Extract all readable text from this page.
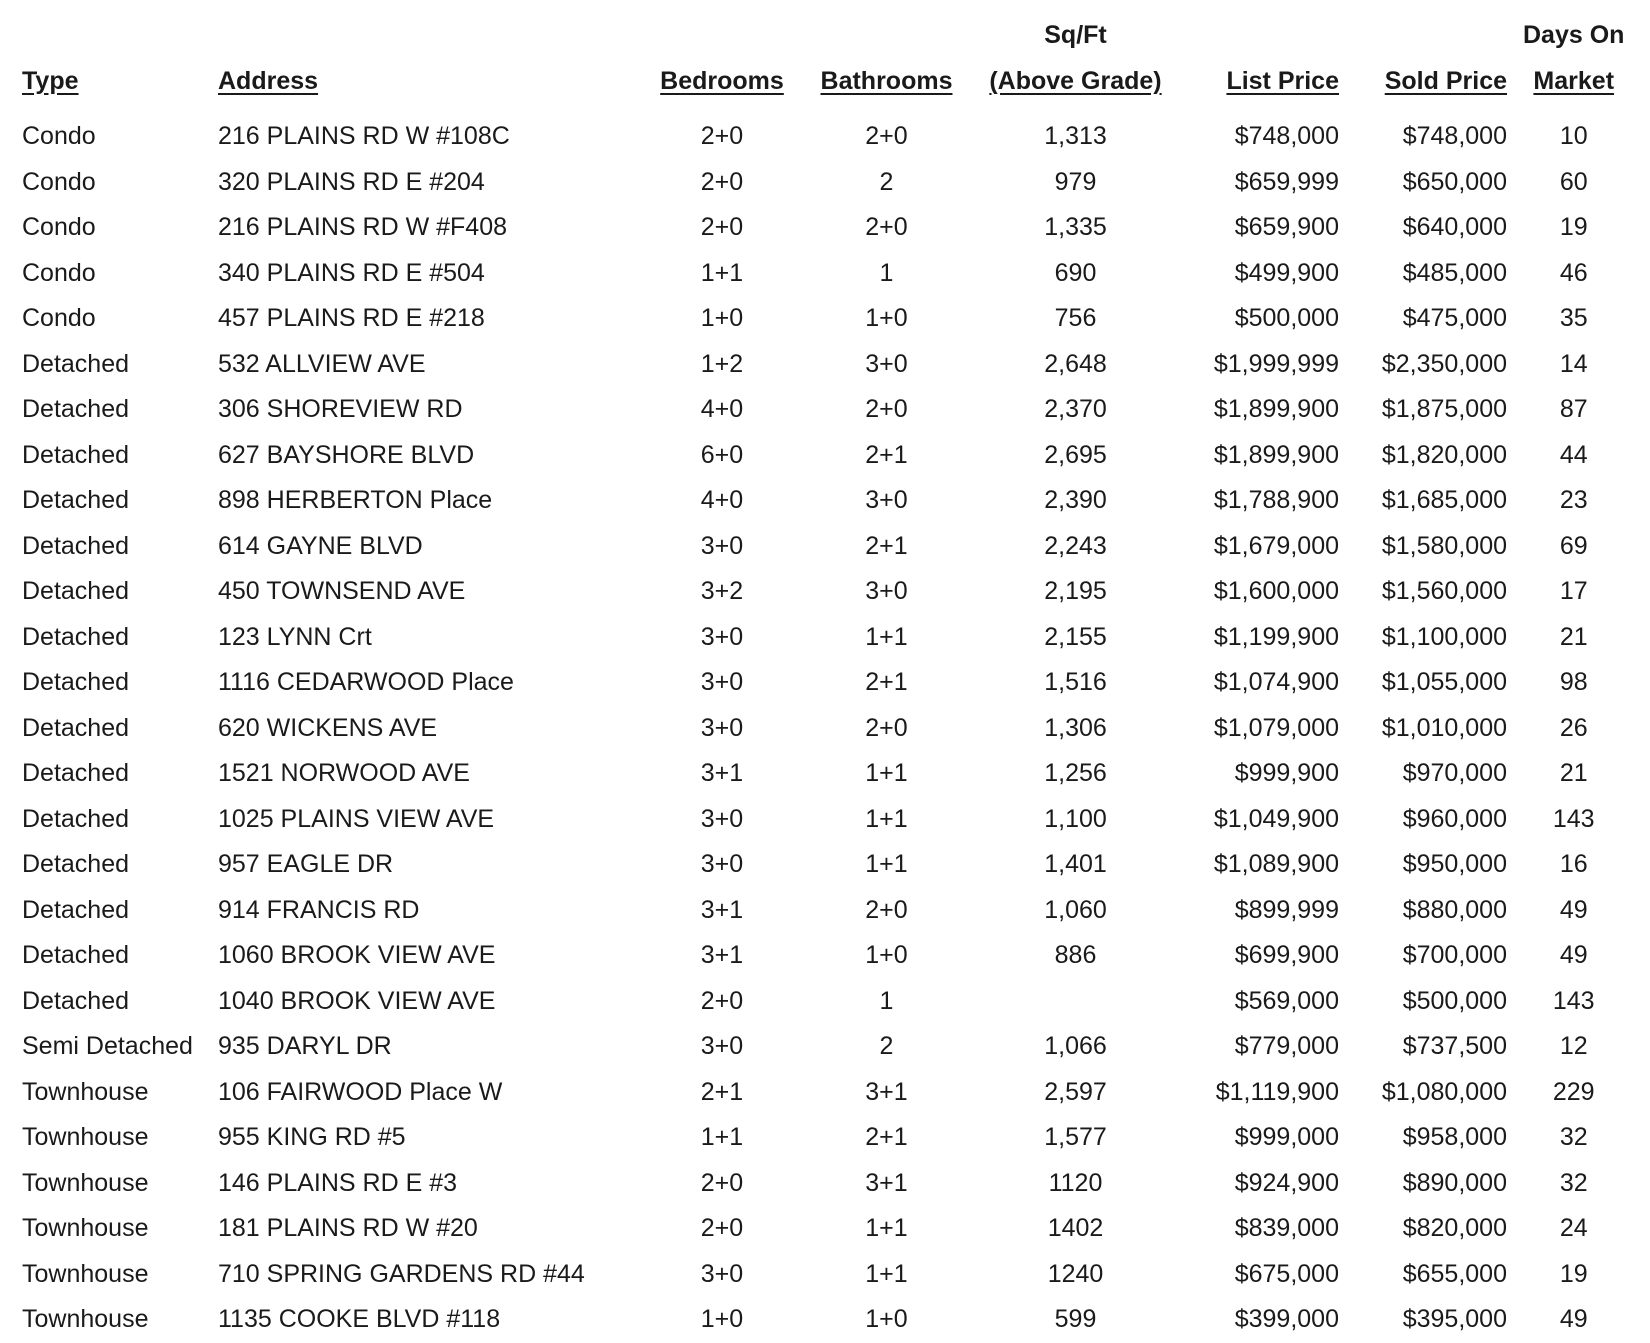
				Sq/Ft			Days On
Type	Address	Bedrooms	Bathrooms	(Above Grade)	List Price	Sold Price	Market
Condo	216 PLAINS RD W #108C	2+0	2+0	1,313	$748,000	$748,000	10
Condo	320 PLAINS RD E #204	2+0	2	979	$659,999	$650,000	60
Condo	216 PLAINS RD W #F408	2+0	2+0	1,335	$659,900	$640,000	19
Condo	340 PLAINS RD E #504	1+1	1	690	$499,900	$485,000	46
Condo	457 PLAINS RD E #218	1+0	1+0	756	$500,000	$475,000	35
Detached	532 ALLVIEW AVE	1+2	3+0	2,648	$1,999,999	$2,350,000	14
Detached	306 SHOREVIEW RD	4+0	2+0	2,370	$1,899,900	$1,875,000	87
Detached	627 BAYSHORE BLVD	6+0	2+1	2,695	$1,899,900	$1,820,000	44
Detached	898 HERBERTON Place	4+0	3+0	2,390	$1,788,900	$1,685,000	23
Detached	614 GAYNE BLVD	3+0	2+1	2,243	$1,679,000	$1,580,000	69
Detached	450 TOWNSEND AVE	3+2	3+0	2,195	$1,600,000	$1,560,000	17
Detached	123 LYNN Crt	3+0	1+1	2,155	$1,199,900	$1,100,000	21
Detached	1116 CEDARWOOD Place	3+0	2+1	1,516	$1,074,900	$1,055,000	98
Detached	620 WICKENS AVE	3+0	2+0	1,306	$1,079,000	$1,010,000	26
Detached	1521 NORWOOD AVE	3+1	1+1	1,256	$999,900	$970,000	21
Detached	1025 PLAINS VIEW AVE	3+0	1+1	1,100	$1,049,900	$960,000	143
Detached	957 EAGLE DR	3+0	1+1	1,401	$1,089,900	$950,000	16
Detached	914 FRANCIS RD	3+1	2+0	1,060	$899,999	$880,000	49
Detached	1060 BROOK VIEW AVE	3+1	1+0	886	$699,900	$700,000	49
Detached	1040 BROOK VIEW AVE	2+0	1		$569,000	$500,000	143
Semi Detached	935 DARYL DR	3+0	2	1,066	$779,000	$737,500	12
Townhouse	106 FAIRWOOD Place W	2+1	3+1	2,597	$1,119,900	$1,080,000	229
Townhouse	955 KING RD #5	1+1	2+1	1,577	$999,000	$958,000	32
Townhouse	146 PLAINS RD E #3	2+0	3+1	1120	$924,900	$890,000	32
Townhouse	181 PLAINS RD W #20	2+0	1+1	1402	$839,000	$820,000	24
Townhouse	710 SPRING GARDENS RD #44	3+0	1+1	1240	$675,000	$655,000	19
Townhouse	1135 COOKE BLVD #118	1+0	1+0	599	$399,000	$395,000	49
